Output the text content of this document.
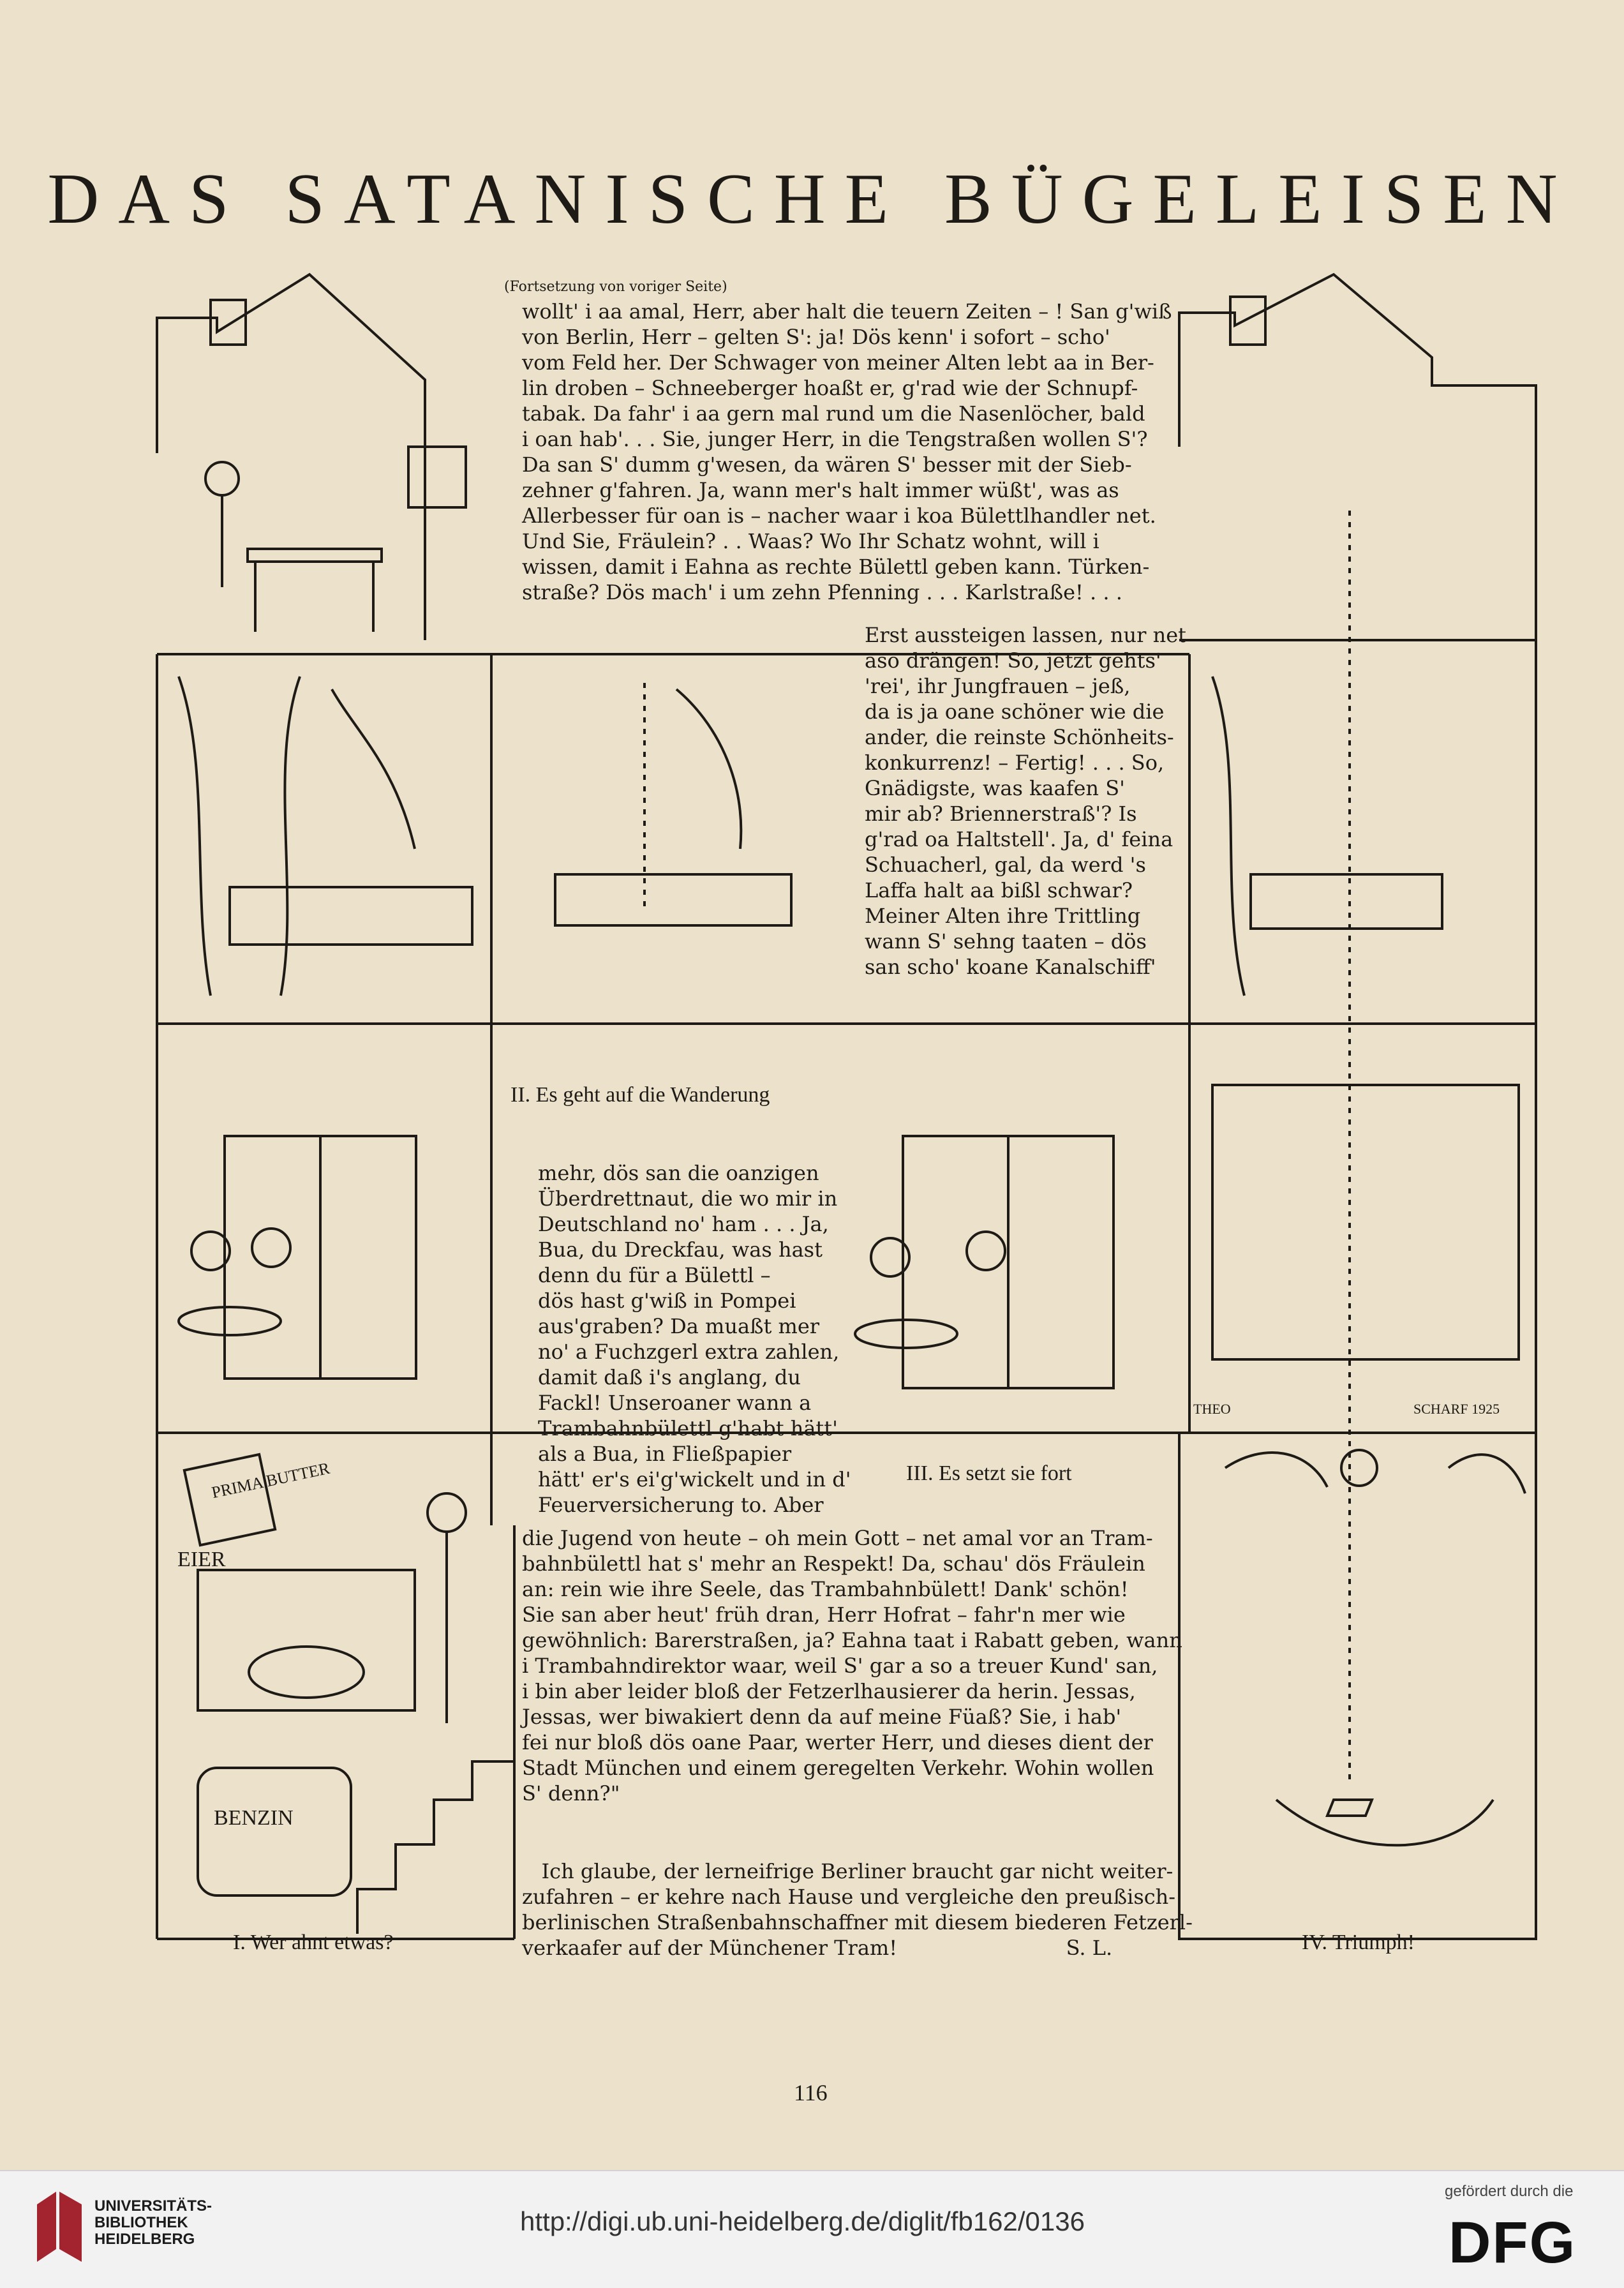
DAS SATANISCHE BÜGELEISEN
(Fortsetzung von voriger Seite)
wollt' i aa amal, Herr, aber halt die teuern Zeiten – ! San g'wiß
von Berlin, Herr – gelten S': ja! Dös kenn' i sofort – scho'
vom Feld her. Der Schwager von meiner Alten lebt aa in Ber-
lin droben – Schneeberger hoaßt er, g'rad wie der Schnupf-
tabak. Da fahr' i aa gern mal rund um die Nasenlöcher, bald
i oan hab'. . . Sie, junger Herr, in die Tengstraßen wollen S'?
Da san S' dumm g'wesen, da wären S' besser mit der Sieb-
zehner g'fahren. Ja, wann mer's halt immer wüßt', was as
Allerbesser für oan is – nacher waar i koa Bülettlhandler net.
Und Sie, Fräulein? . . Waas? Wo Ihr Schatz wohnt, will i
wissen, damit i Eahna as rechte Bülettl geben kann. Türken-
straße? Dös mach' i um zehn Pfenning . . . Karlstraße! . . .
Erst aussteigen lassen, nur net
aso drängen! So, jetzt gehts'
'rei', ihr Jungfrauen – jeß,
da is ja oane schöner wie die
ander, die reinste Schönheits-
konkurrenz! – Fertig! . . . So,
Gnädigste, was kaafen S'
mir ab? Briennerstraß'? Is
g'rad oa Haltstell'. Ja, d' feina
Schuacherl, gal, da werd 's
Laffa halt aa bißl schwar?
Meiner Alten ihre Trittling
wann S' sehng taaten – dös
san scho' koane Kanalschiff'
II. Es geht auf die Wanderung
mehr, dös san die oanzigen
Überdrettnaut, die wo mir in
Deutschland no' ham . . . Ja,
Bua, du Dreckfau, was hast
denn du für a Bülettl –
dös hast g'wiß in Pompei
aus'graben? Da muaßt mer
no' a Fuchzgerl extra zahlen,
damit daß i's anglang, du
Fackl! Unseroaner wann a
Trambahnbülettl g'habt hätt'
als a Bua, in Fließpapier
hätt' er's ei'g'wickelt und in d'
Feuerversicherung to. Aber
III. Es setzt sie fort
die Jugend von heute – oh mein Gott – net amal vor an Tram-
bahnbülettl hat s' mehr an Respekt! Da, schau' dös Fräulein
an: rein wie ihre Seele, das Trambahnbülett! Dank' schön!
Sie san aber heut' früh dran, Herr Hofrat – fahr'n mer wie
gewöhnlich: Barerstraßen, ja? Eahna taat i Rabatt geben, wann
i Trambahndirektor waar, weil S' gar a so a treuer Kund' san,
i bin aber leider bloß der Fetzerlhausierer da herin. Jessas,
Jessas, wer biwakiert denn da auf meine Füaß? Sie, i hab'
fei nur bloß dös oane Paar, werter Herr, und dieses dient der
Stadt München und einem geregelten Verkehr. Wohin wollen
S' denn?"
Ich glaube, der lerneifrige Berliner braucht gar nicht weiter-
zufahren – er kehre nach Hause und vergleiche den preußisch-
berlinischen Straßenbahnschaffner mit diesem biederen Fetzerl-
verkaafer auf der Münchener Tram!                          S. L.
I. Wer ahnt etwas?	IV. Triumph!
PRIMA BUTTER
EIER
BENZIN
THEO	SCHARF 1925
116
UNIVERSITÄTS-
BIBLIOTHEK
HEIDELBERG
http://digi.ub.uni-heidelberg.de/diglit/fb162/0136
gefördert durch die
DFG
